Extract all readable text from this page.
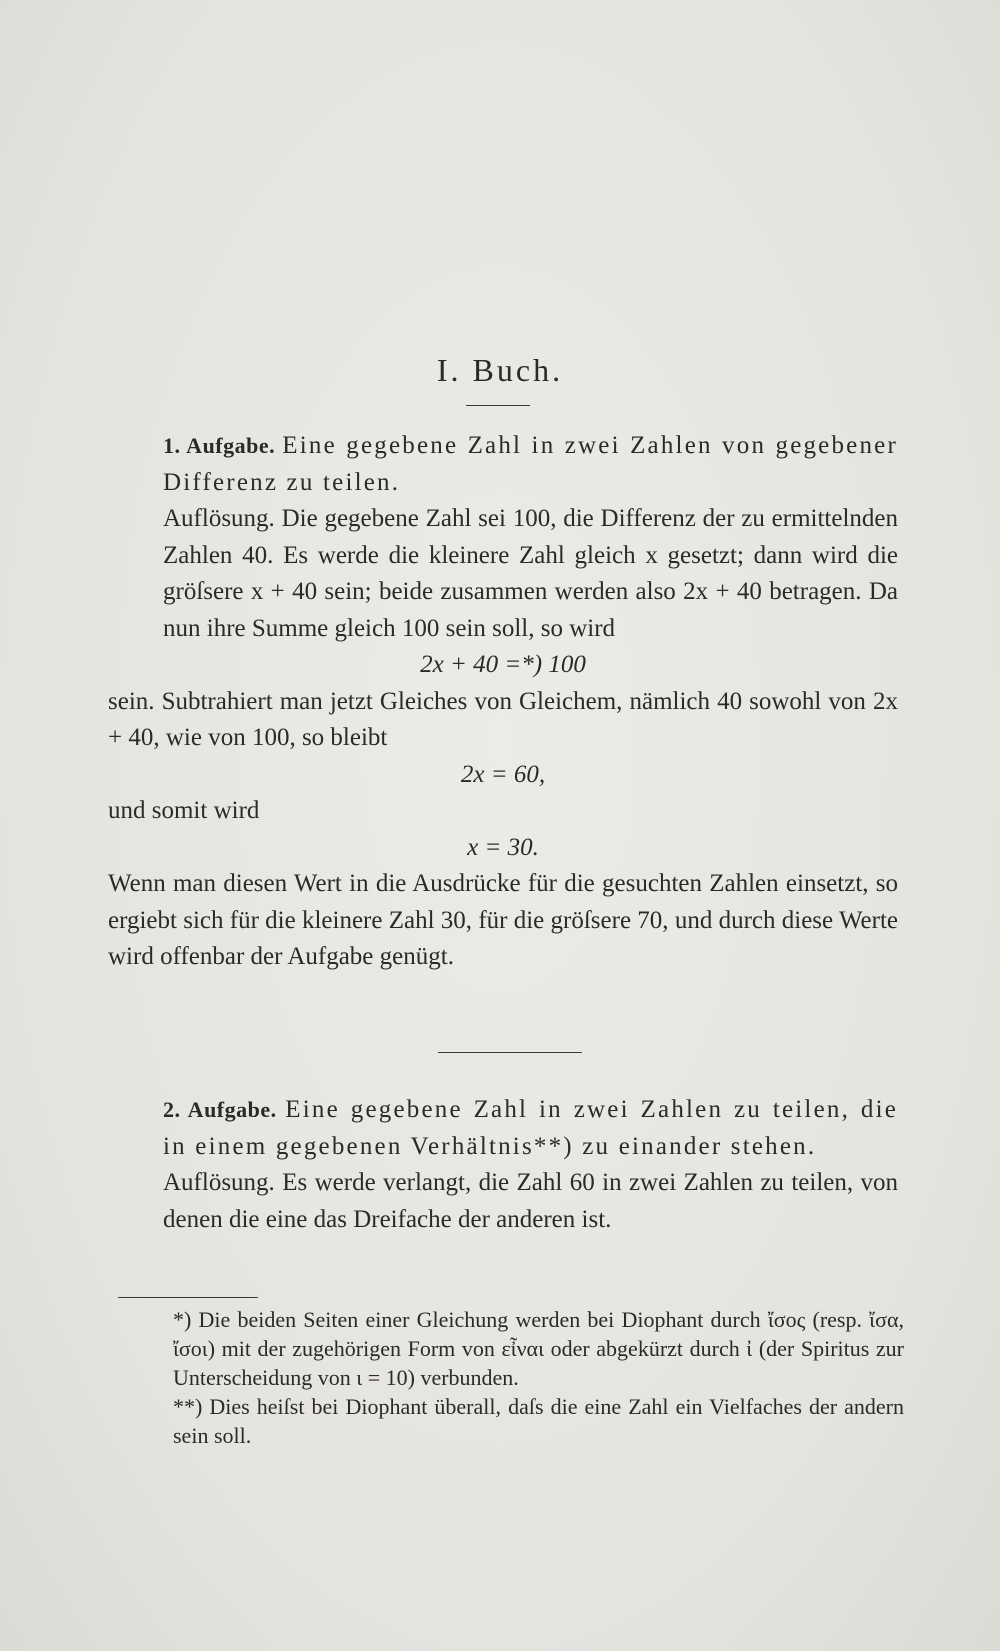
I. Buch.

1. Aufgabe. Eine gegebene Zahl in zwei Zahlen von gegebener Differenz zu teilen.

Auflösung. Die gegebene Zahl sei 100, die Differenz der zu ermittelnden Zahlen 40. Es werde die kleinere Zahl gleich x gesetzt; dann wird die gröſsere x + 40 sein; beide zusammen werden also 2x + 40 betragen. Da nun ihre Summe gleich 100 sein soll, so wird

2x + 40 =*) 100

sein. Subtrahiert man jetzt Gleiches von Gleichem, nämlich 40 sowohl von 2x + 40, wie von 100, so bleibt

2x = 60,

und somit wird

x = 30.

Wenn man diesen Wert in die Ausdrücke für die gesuchten Zahlen einsetzt, so ergiebt sich für die kleinere Zahl 30, für die gröſsere 70, und durch diese Werte wird offenbar der Aufgabe genügt.

2. Aufgabe. Eine gegebene Zahl in zwei Zahlen zu teilen, die in einem gegebenen Verhältnis**) zu einander stehen.

Auflösung. Es werde verlangt, die Zahl 60 in zwei Zahlen zu teilen, von denen die eine das Dreifache der anderen ist.

*) Die beiden Seiten einer Gleichung werden bei Diophant durch ἴσος (resp. ἴσα, ἴσοι) mit der zugehörigen Form von εἶναι oder abgekürzt durch ἰ (der Spiritus zur Unterscheidung von ι = 10) verbunden.

**) Dies heiſst bei Diophant überall, daſs die eine Zahl ein Vielfaches der andern sein soll.
